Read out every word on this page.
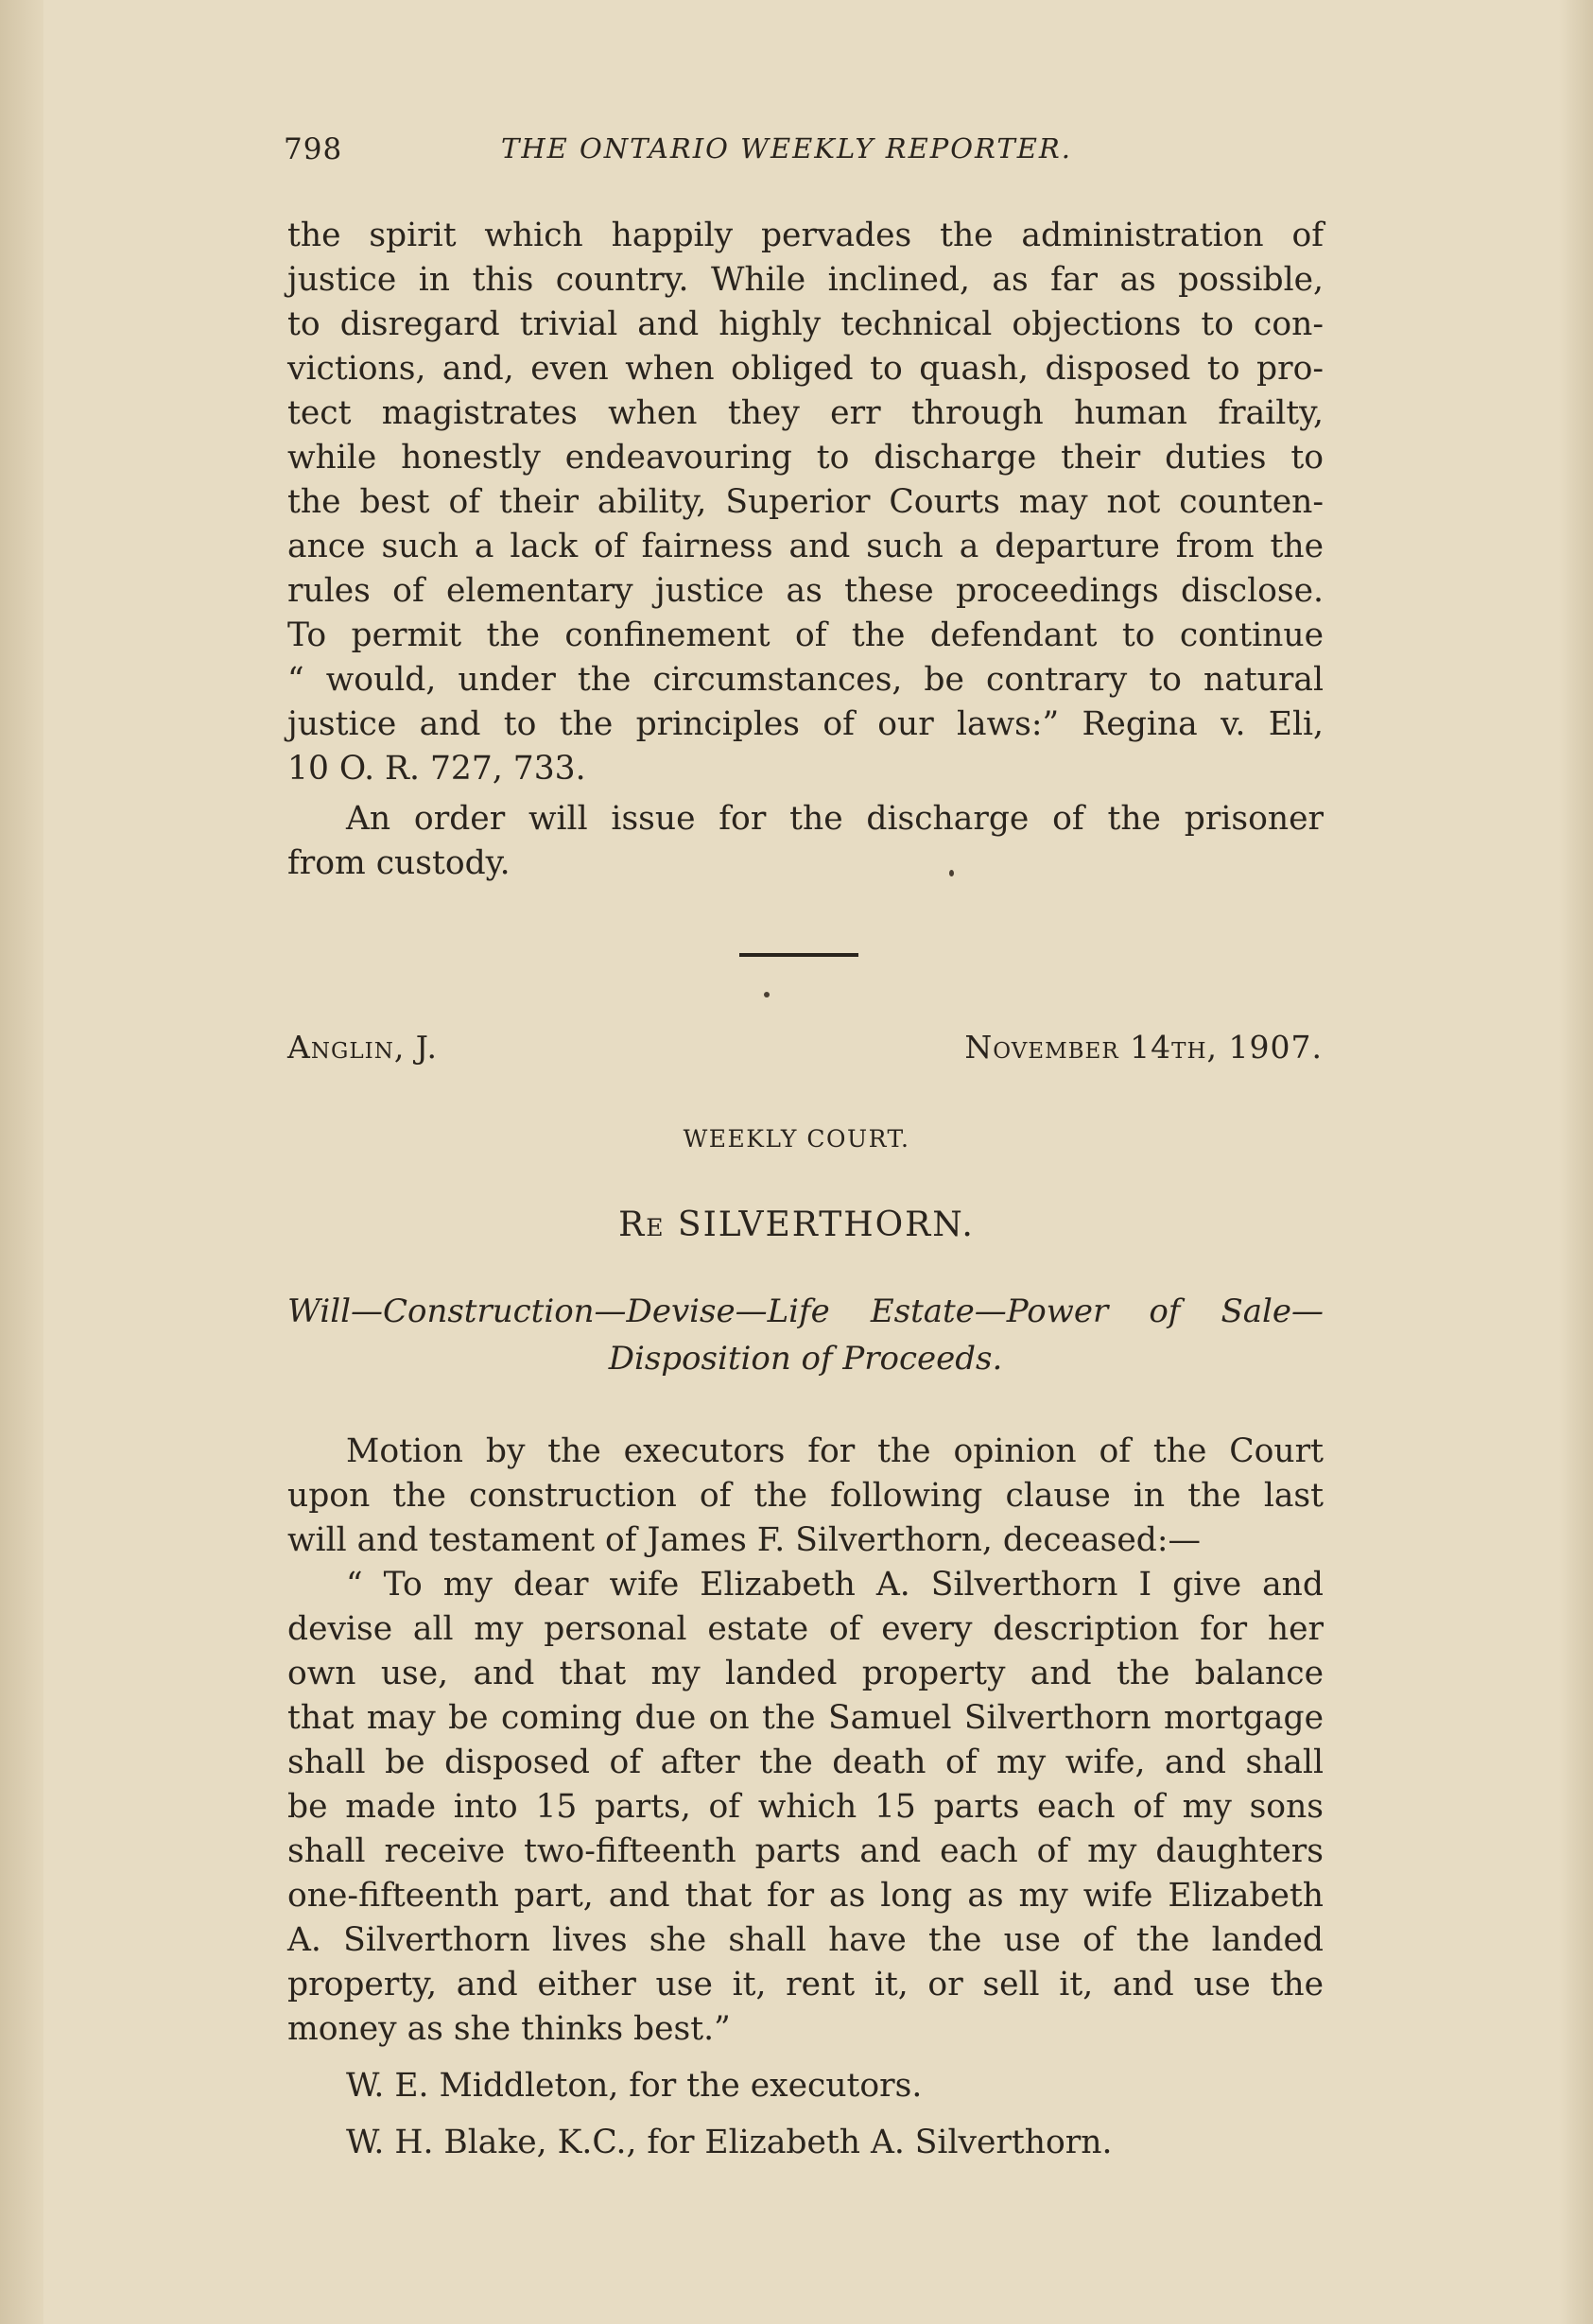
798	THE ONTARIO WEEKLY REPORTER.

the spirit which happily pervades the administration of
justice in this country. While inclined, as far as possible,
to disregard trivial and highly technical objections to con-
victions, and, even when obliged to quash, disposed to pro-
tect magistrates when they err through human frailty,
while honestly endeavouring to discharge their duties to
the best of their ability, Superior Courts may not counten-
ance such a lack of fairness and such a departure from the
rules of elementary justice as these proceedings disclose.
To permit the confinement of the defendant to continue
“ would, under the circumstances, be contrary to natural
justice and to the principles of our laws:” Regina v. Eli,
10 O. R. 727, 733.

An order will issue for the discharge of the prisoner
from custody.

Anglin, J.	November 14th, 1907.
WEEKLY COURT.
Re SILVERTHORN.
Will—Construction—Devise—Life Estate—Power of Sale—
Disposition of Proceeds.

Motion by the executors for the opinion of the Court
upon the construction of the following clause in the last
will and testament of James F. Silverthorn, deceased:—

“ To my dear wife Elizabeth A. Silverthorn I give and
devise all my personal estate of every description for her
own use, and that my landed property and the balance
that may be coming due on the Samuel Silverthorn mortgage
shall be disposed of after the death of my wife, and shall
be made into 15 parts, of which 15 parts each of my sons
shall receive two-fifteenth parts and each of my daughters
one-fifteenth part, and that for as long as my wife Elizabeth
A. Silverthorn lives she shall have the use of the landed
property, and either use it, rent it, or sell it, and use the
money as she thinks best.”

W. E. Middleton, for the executors.
W. H. Blake, K.C., for Elizabeth A. Silverthorn.
